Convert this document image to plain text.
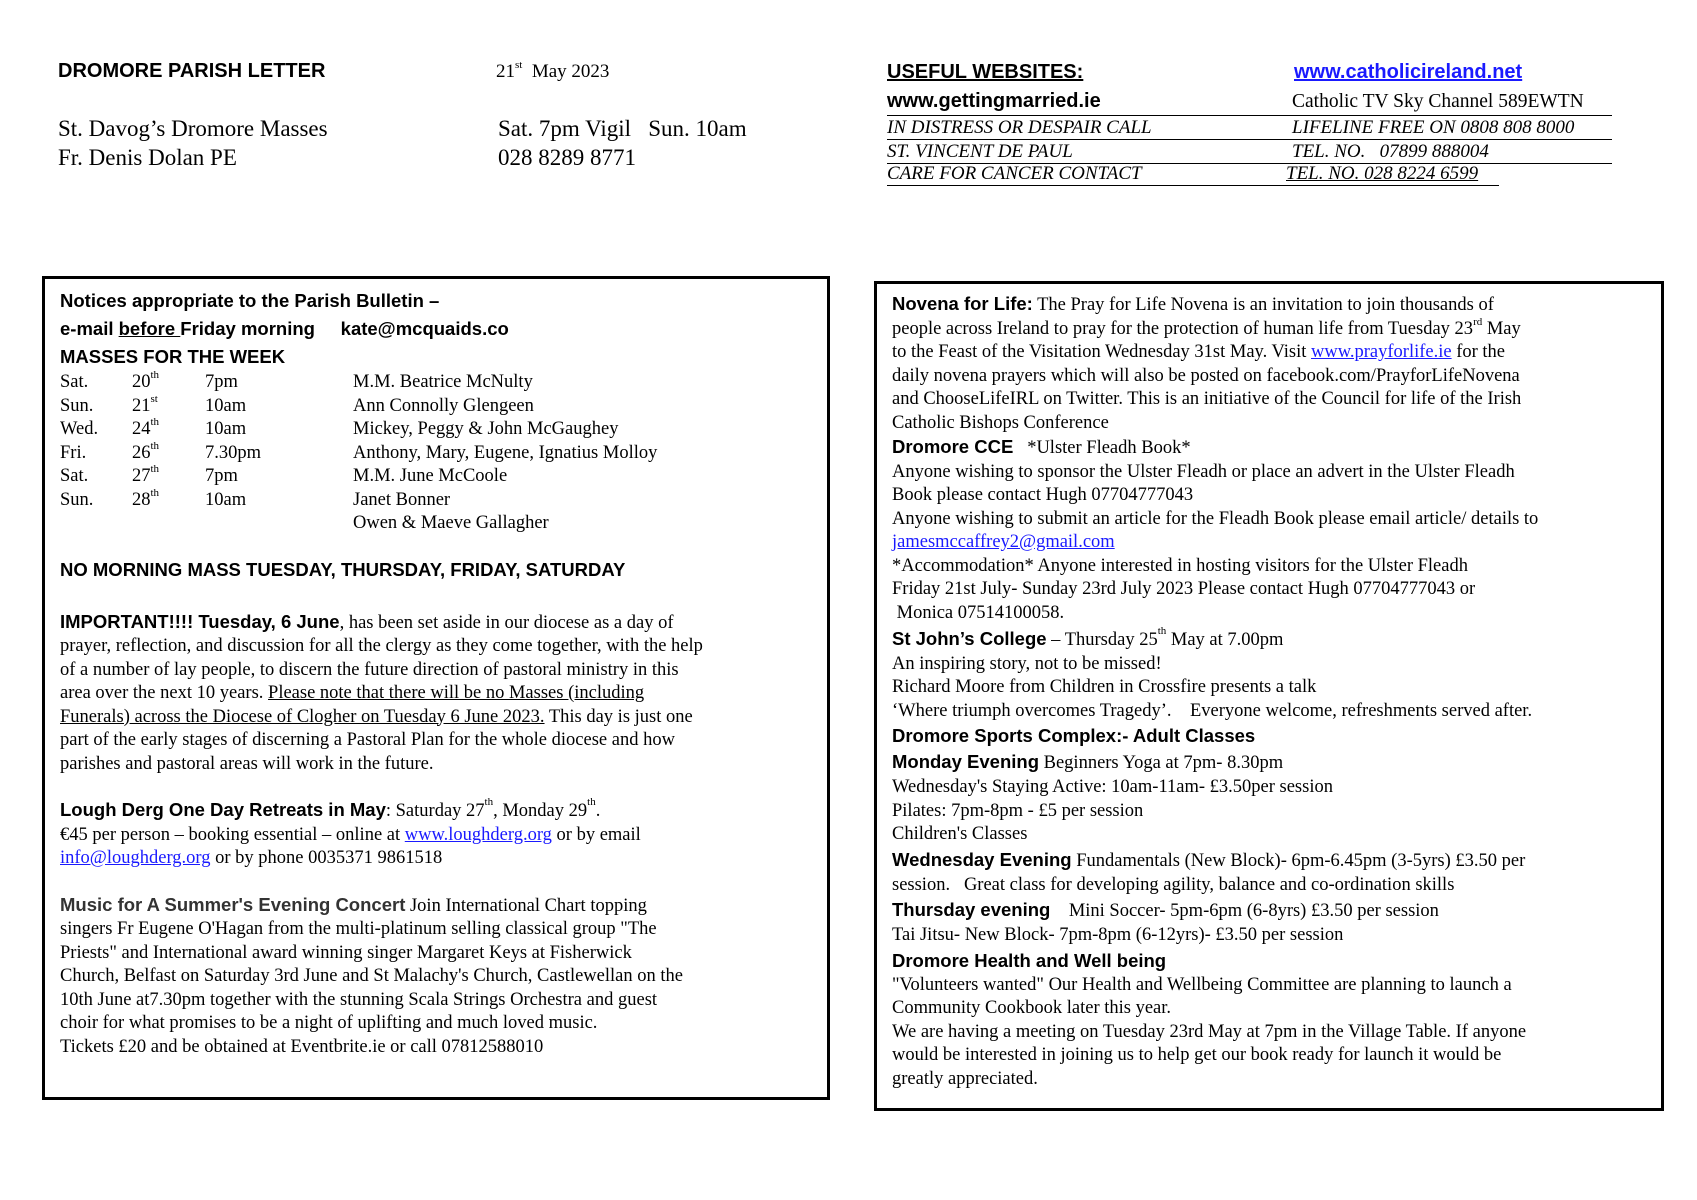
DROMORE PARISH LETTER	21st May 2023
St. Davog’s Dromore Masses	Sat. 7pm Vigil   Sun. 10am
Fr. Denis Dolan PE	028 8289 8771
USEFUL WEBSITES:	www.catholicireland.net
www.gettingmarried.ie	Catholic TV Sky Channel 589EWTN
IN DISTRESS OR DESPAIR CALL	LIFELINE FREE ON 0808 808 8000
ST. VINCENT DE PAUL	TEL. NO.   07899 888004
CARE FOR CANCER CONTACT	TEL. NO. 028 8224 6599
Notices appropriate to the Parish Bulletin –
e-mail before Friday morning kate@mcquaids.co
MASSES FOR THE WEEK
Sat. 20th 7pm	M.M. Beatrice McNulty
Sun. 21st	10am	Ann Connolly Glengeen
Wed. 24th 10am	Mickey, Peggy & John McGaughey
Fri. 26th 7.30pm	Anthony, Mary, Eugene, Ignatius Molloy
Sat. 27th 7pm	M.M. June McCoole
Sun. 28th 10am	Janet Bonner
Owen & Maeve Gallagher
NO MORNING MASS TUESDAY, THURSDAY, FRIDAY, SATURDAY
IMPORTANT!!!! Tuesday, 6 June, has been set aside in our diocese as a day of
prayer, reflection, and discussion for all the clergy as they come together, with the help
of a number of lay people, to discern the future direction of pastoral ministry in this
area over the next 10 years. Please note that there will be no Masses (including
Funerals) across the Diocese of Clogher on Tuesday 6 June 2023. This day is just one
part of the early stages of discerning a Pastoral Plan for the whole diocese and how
parishes and pastoral areas will work in the future.
Lough Derg One Day Retreats in May: Saturday 27th, Monday 29th.
€45 per person – booking essential – online at www.loughderg.org or by email
info@loughderg.org or by phone 0035371 9861518
Music for A Summer's Evening Concert Join International Chart topping
singers Fr Eugene O'Hagan from the multi-platinum selling classical group "The
Priests" and International award winning singer Margaret Keys at Fisherwick
Church, Belfast on Saturday 3rd June and St Malachy's Church, Castlewellan on the
10th June at7.30pm together with the stunning Scala Strings Orchestra and guest
choir for what promises to be a night of uplifting and much loved music.
Tickets £20 and be obtained at Eventbrite.ie or call 07812588010
Novena for Life: The Pray for Life Novena is an invitation to join thousands of
people across Ireland to pray for the protection of human life from Tuesday 23rd May
to the Feast of the Visitation Wednesday 31st May. Visit www.prayforlife.ie for the
daily novena prayers which will also be posted on facebook.com/PrayforLifeNovena
and ChooseLifeIRL on Twitter. This is an initiative of the Council for life of the Irish
Catholic Bishops Conference
Dromore CCE   *Ulster Fleadh Book*
Anyone wishing to sponsor the Ulster Fleadh or place an advert in the Ulster Fleadh
Book please contact Hugh 07704777043
Anyone wishing to submit an article for the Fleadh Book please email article/ details to
jamesmccaffrey2@gmail.com
*Accommodation* Anyone interested in hosting visitors for the Ulster Fleadh
Friday 21st July- Sunday 23rd July 2023 Please contact Hugh 07704777043 or
Monica 07514100058.
St John’s College – Thursday 25th May at 7.00pm
An inspiring story, not to be missed!
Richard Moore from Children in Crossfire presents a talk
‘Where triumph overcomes Tragedy’.    Everyone welcome, refreshments served after.
Dromore Sports Complex:- Adult Classes
Monday Evening Beginners Yoga at 7pm- 8.30pm
Wednesday's Staying Active: 10am-11am- £3.50per session
Pilates: 7pm-8pm - £5 per session
Children's Classes
Wednesday Evening Fundamentals (New Block)- 6pm-6.45pm (3-5yrs) £3.50 per
session.   Great class for developing agility, balance and co-ordination skills
Thursday evening    Mini Soccer- 5pm-6pm (6-8yrs) £3.50 per session
Tai Jitsu- New Block- 7pm-8pm (6-12yrs)- £3.50 per session
Dromore Health and Well being
"Volunteers wanted" Our Health and Wellbeing Committee are planning to launch a
Community Cookbook later this year.
We are having a meeting on Tuesday 23rd May at 7pm in the Village Table. If anyone
would be interested in joining us to help get our book ready for launch it would be
greatly appreciated.
